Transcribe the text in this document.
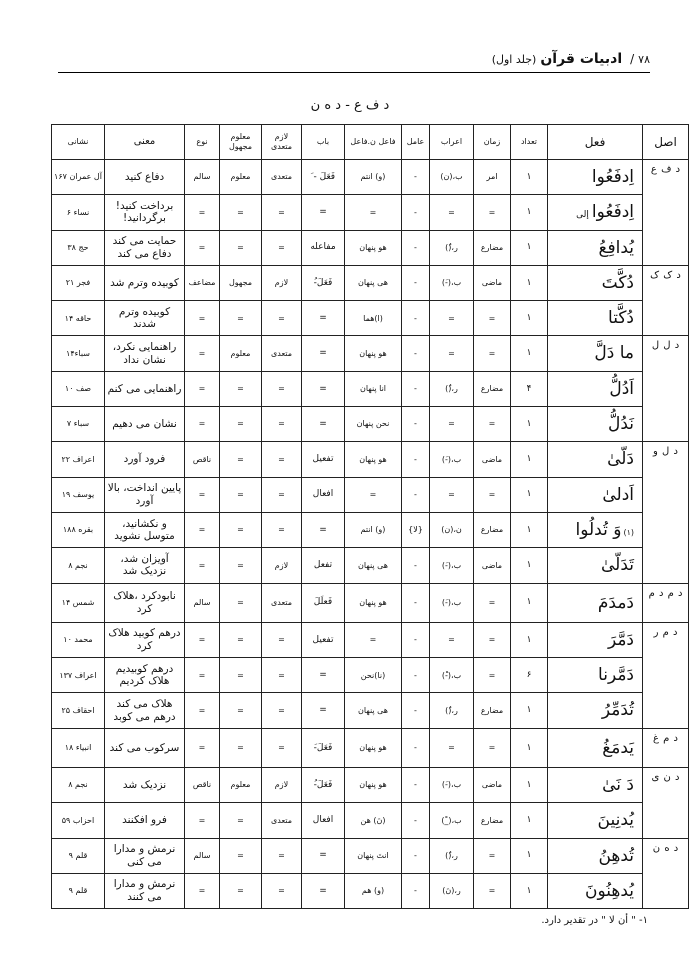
۷۸
/
ادبیات قرآن
(جلد اول)
د ف ع - د ه ن
اصل	فعل	تعداد	زمان	اعراب	عامل	فاعل ن.فاعل	باب	لازم متعدی	معلوم مجهول	نوع	معنی	نشانی
د ف ع	اِدفَعُوا	۱	امر	ب،(ن)	-	(و) انتم	فَعَلَ - َ	متعدی	معلوم	سالم	دفاع کنید	آل عمران ۱۶۷
	اِدفَعُواإلی	۱	=	=	-	=	=	=	=	=	برداخت کنید! برگردانید!	نساء ۶
	يُدافِعُ	۱	مضارع	ر،(ُ)	-	هو پنهان	مفاعله	=	=	=	حمایت می کند دفاع می کند	حج ۳۸
د ک ک	دُكَّتَ	۱	ماضی	ب،(-َ)	-	هی پنهان	فَعَلَ-ُ	لازم	مجهول	مضاعف	کوبیده وترم شد	فجر ۲۱
	دُكَّتا	۱	=	=	-	(ا)هما	=	=	=	=	کوبیده وترم شدند	حاقه ۱۴
د ل ل	ما دَلَّ	۱	=	=	-	هو پنهان	=	متعدی	معلوم	=	راهنمایی نکرد، نشان نداد	سباء۱۴
	اَدُلُّ	۴	مضارع	ر،(ُ)	-	انا پنهان	=	=	=	=	راهنمایی می کنم	صف ۱۰
	نَدُلُّ	۱	=	=	-	نحن پنهان	=	=	=	=	نشان می دهیم	سباء ۷
د ل و	دَلّیٰ	۱	ماضی	ب،(-َ)	-	هو پنهان	تفعیل	=	=	ناقص	فرود آورد	اعراف ۲۲
	اَدلیٰ	۱	=	=	-	=	افعال	=	=	=	پایین انداخت، بالا آورد	یوسف ۱۹
	(۱)وَ تُدلُوا	۱	مضارع	ن،(ن)	{لا}	(و) انتم	=	=	=	=	و نکشانید، متوسل نشوید	بقره ۱۸۸
	تَدَلّیٰ	۱	ماضی	ب،(-َ)	-	هی پنهان	تفعل	لازم	=	=	آویزان شد، نزدیک شد	نجم ۸
د م د م	دَمدَمَ	۱	=	ب،(-َ)	-	هو پنهان	فَعلَلَ	متعدی	=	سالم	نابودکرد ،هلاک کرد	شمس ۱۴
د م ر	دَمَّرَ	۱	=	=	-	=	تفعیل	=	=	=	درهم کوبید هلاک کرد	محمد ۱۰
	دَمَّرنا	۶	=	ب،(-ْ)	-	(نا)نحن	=	=	=	=	درهم کوبیدیم هلاک کردیم	اعراف ۱۳۷
	تُدَمِّرُ	۱	مضارع	ر،(ُ)	-	هی پنهان	=	=	=	=	هلاک می کند درهم می کوبد	احقاف ۲۵
د م غ	يَدمَغُ	۱	=	=	-	هو پنهان	فَعَلَ-َ	=	=	=	سرکوب می کند	انبیاء ۱۸
د ن ی	دَ نَیٰ	۱	ماضی	ب،(-َ)	-	هو پنهان	فَعَلَ-ُ	لازم	معلوم	ناقص	نزدیک شد	نجم ۸
	يُدنِينَ	۱	مضارع	ب،(_ْ)	-	(نَ) هن	افعال	متعدی	=	=	فرو افکنند	احزاب ۵۹
د ه ن	تُدهِنُ	۱	=	ر،(ُ)	-	انتَ پنهان	=	=	=	سالم	نرمش و مدارا می کنی	قلم ۹
	يُدهِنُونَ	۱	=	ر،(نَ)	-	(و) هم	=	=	=	=	نرمش و مدارا می کنند	قلم ۹
۱- " أن لا " در تقدیر دارد.
